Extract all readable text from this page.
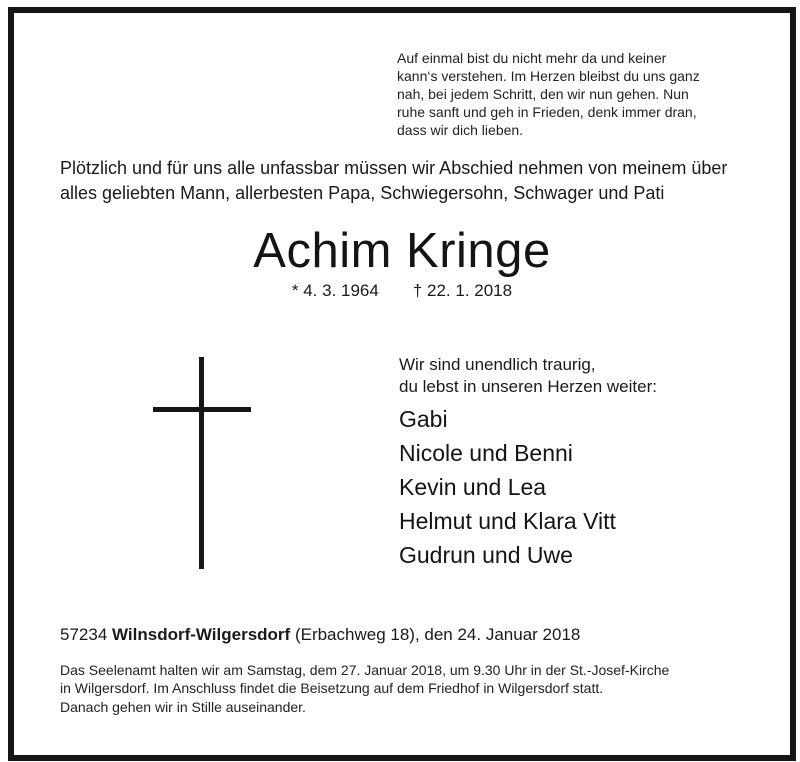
Auf einmal bist du nicht mehr da und keiner
kann‘s verstehen. Im Herzen bleibst du uns ganz
nah, bei jedem Schritt, den wir nun gehen. Nun
ruhe sanft und geh in Frieden, denk immer dran,
dass wir dich lieben.
Plötzlich und für uns alle unfassbar müssen wir Abschied nehmen von meinem über
alles geliebten Mann, allerbesten Papa, Schwiegersohn, Schwager und Pati
Achim Kringe
* 4. 3. 1964 † 22. 1. 2018
Wir sind unendlich traurig,
du lebst in unseren Herzen weiter:
Gabi
Nicole und Benni
Kevin und Lea
Helmut und Klara Vitt
Gudrun und Uwe
57234 Wilnsdorf-Wilgersdorf (Erbachweg 18), den 24. Januar 2018
Das Seelenamt halten wir am Samstag, dem 27. Januar 2018, um 9.30 Uhr in der St.-Josef-Kirche
in Wilgersdorf. Im Anschluss findet die Beisetzung auf dem Friedhof in Wilgersdorf statt.
Danach gehen wir in Stille auseinander.
